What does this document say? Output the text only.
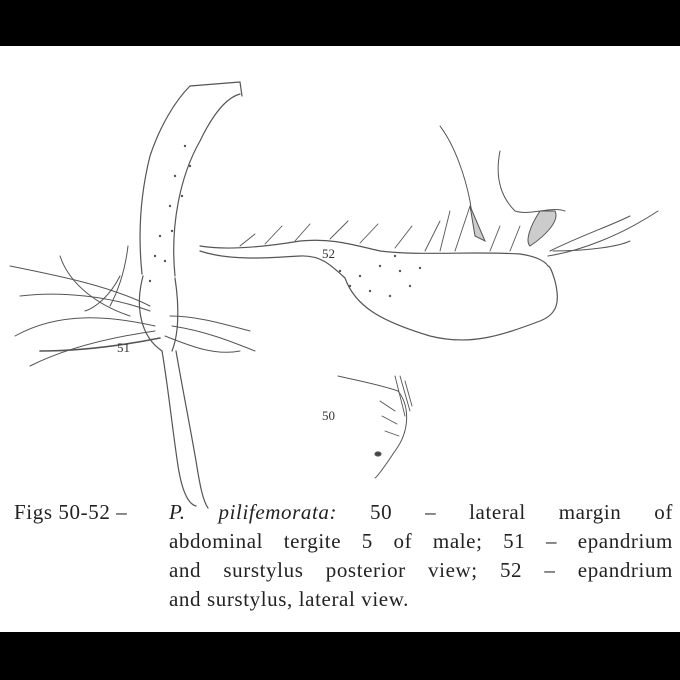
52
51
50
Figs 50-52 – P. pilifemorata: 50 – lateral margin of
abdominal tergite 5 of male; 51 – epandrium
and surstylus posterior view; 52 – epandrium
and surstylus, lateral view.
